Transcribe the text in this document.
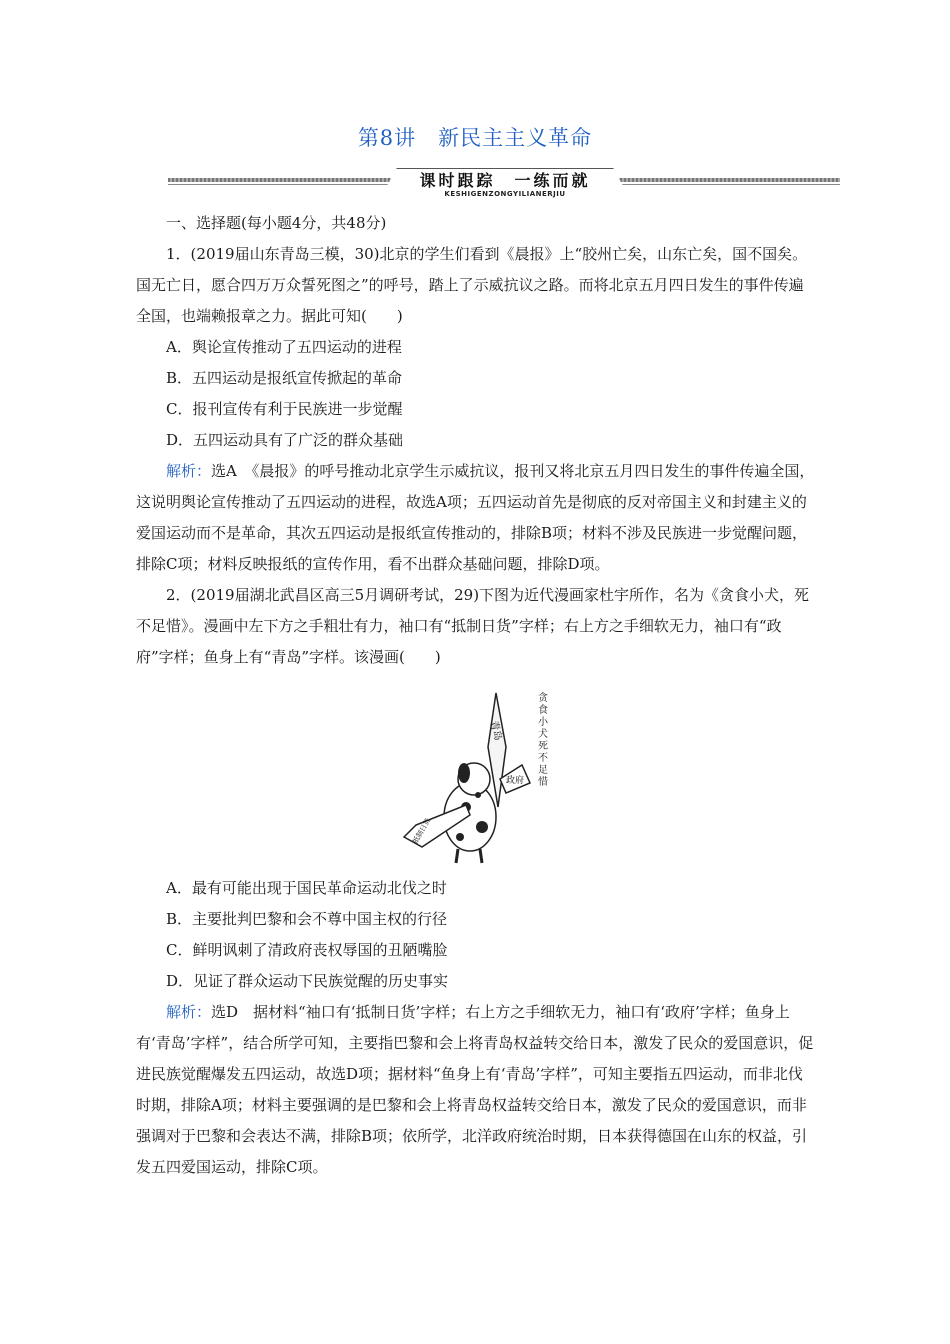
第8讲　新民主主义革命
课时跟踪　一练而就
KESHIGENZONGYILIANERJIU

一、选择题(每小题4分，共48分)

1．(2019届山东青岛三模，30)北京的学生们看到《晨报》上“胶州亡矣，山东亡矣，国不国矣。国无亡日，愿合四万万众誓死图之”的呼号，踏上了示威抗议之路。而将北京五月四日发生的事件传遍全国，也端赖报章之力。据此可知(　　)

A．舆论宣传推动了五四运动的进程

B．五四运动是报纸宣传掀起的革命

C．报刊宣传有利于民族进一步觉醒

D．五四运动具有了广泛的群众基础

解析：选A　《晨报》的呼号推动北京学生示威抗议，报刊又将北京五月四日发生的事件传遍全国，这说明舆论宣传推动了五四运动的进程，故选A项；五四运动首先是彻底的反对帝国主义和封建主义的爱国运动而不是革命，其次五四运动是报纸宣传推动的，排除B项；材料不涉及民族进一步觉醒问题，排除C项；材料反映报纸的宣传作用，看不出群众基础问题，排除D项。

2．(2019届湖北武昌区高三5月调研考试，29)下图为近代漫画家杜宇所作，名为《贪食小犬，死不足惜》。漫画中左下方之手粗壮有力，袖口有“抵制日货”字样；右上方之手细软无力，袖口有“政府”字样；鱼身上有“青岛”字样。该漫画(　　)

贪
食
小
犬
死
不
足
惜
青岛
政府
抵制日货

A．最有可能出现于国民革命运动北伐之时

B．主要批判巴黎和会不尊中国主权的行径

C．鲜明讽刺了清政府丧权辱国的丑陋嘴脸

D．见证了群众运动下民族觉醒的历史事实

解析：选D　据材料“袖口有‘抵制日货’字样；右上方之手细软无力，袖口有‘政府’字样；鱼身上有‘青岛’字样”，结合所学可知，主要指巴黎和会上将青岛权益转交给日本，激发了民众的爱国意识，促进民族觉醒爆发五四运动，故选D项；据材料“鱼身上有‘青岛’字样”，可知主要指五四运动，而非北伐时期，排除A项；材料主要强调的是巴黎和会上将青岛权益转交给日本，激发了民众的爱国意识，而非强调对于巴黎和会表达不满，排除B项；依所学，北洋政府统治时期，日本获得德国在山东的权益，引发五四爱国运动，排除C项。
